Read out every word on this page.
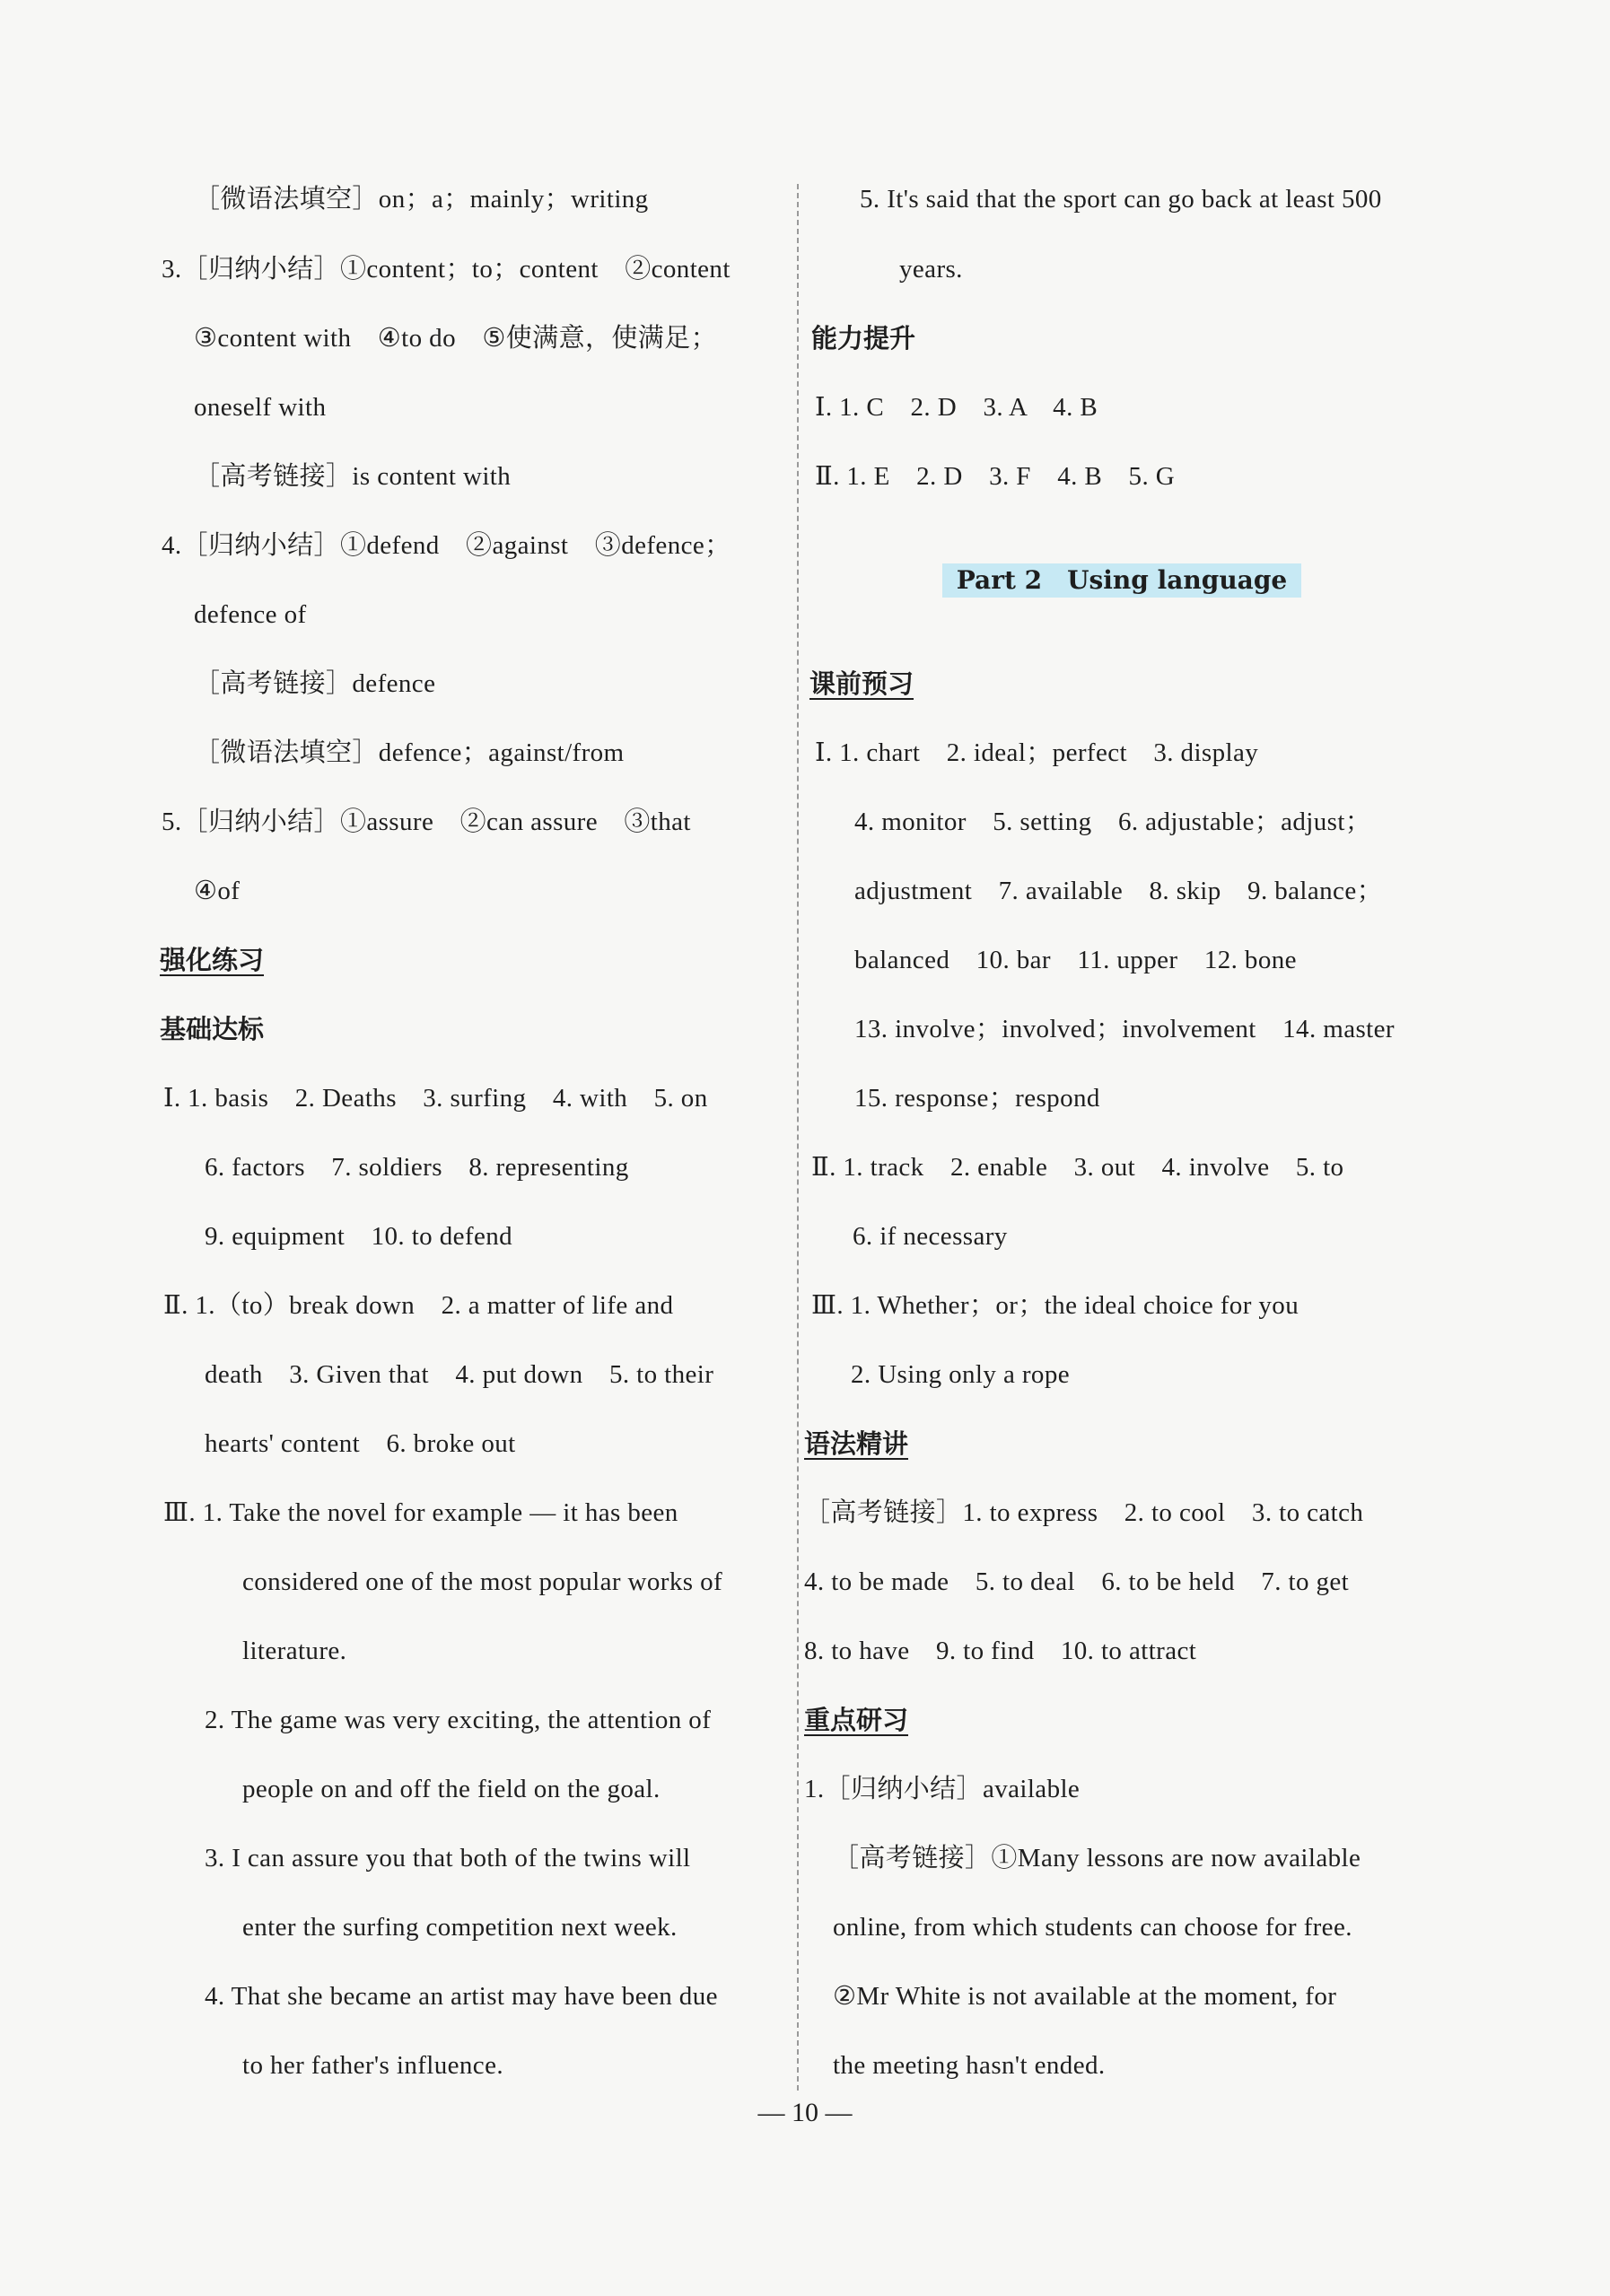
［微语法填空］on；a；mainly；writing
3.［归纳小结］①content；to；content　②content
③content with　④to do　⑤使满意，使满足；
oneself with
［高考链接］is content with
4.［归纳小结］①defend　②against　③defence；
defence of
［高考链接］defence
［微语法填空］defence；against/from
5.［归纳小结］①assure　②can assure　③that
④of
强化练习
基础达标
Ⅰ. 1. basis　2. Deaths　3. surfing　4. with　5. on
6. factors　7. soldiers　8. representing
9. equipment　10. to defend
Ⅱ. 1.（to）break down　2. a matter of life and
death　3. Given that　4. put down　5. to their
hearts' content　6. broke out
Ⅲ. 1. Take the novel for example — it has been
considered one of the most popular works of
literature.
2. The game was very exciting, the attention of
people on and off the field on the goal.
3. I can assure you that both of the twins will
enter the surfing competition next week.
4. That she became an artist may have been due
to her father's influence.
5. It's said that the sport can go back at least 500
years.
能力提升
Ⅰ. 1. C　2. D　3. A　4. B
Ⅱ. 1. E　2. D　3. F　4. B　5. G
Part 2　Using language
课前预习
Ⅰ. 1. chart　2. ideal；perfect　3. display
4. monitor　5. setting　6. adjustable；adjust；
adjustment　7. available　8. skip　9. balance；
balanced　10. bar　11. upper　12. bone
13. involve；involved；involvement　14. master
15. response；respond
Ⅱ. 1. track　2. enable　3. out　4. involve　5. to
6. if necessary
Ⅲ. 1. Whether；or；the ideal choice for you
2. Using only a rope
语法精讲
［高考链接］1. to express　2. to cool　3. to catch
4. to be made　5. to deal　6. to be held　7. to get
8. to have　9. to find　10. to attract
重点研习
1.［归纳小结］available
［高考链接］①Many lessons are now available
online, from which students can choose for free.
②Mr White is not available at the moment, for
the meeting hasn't ended.
— 10 —
